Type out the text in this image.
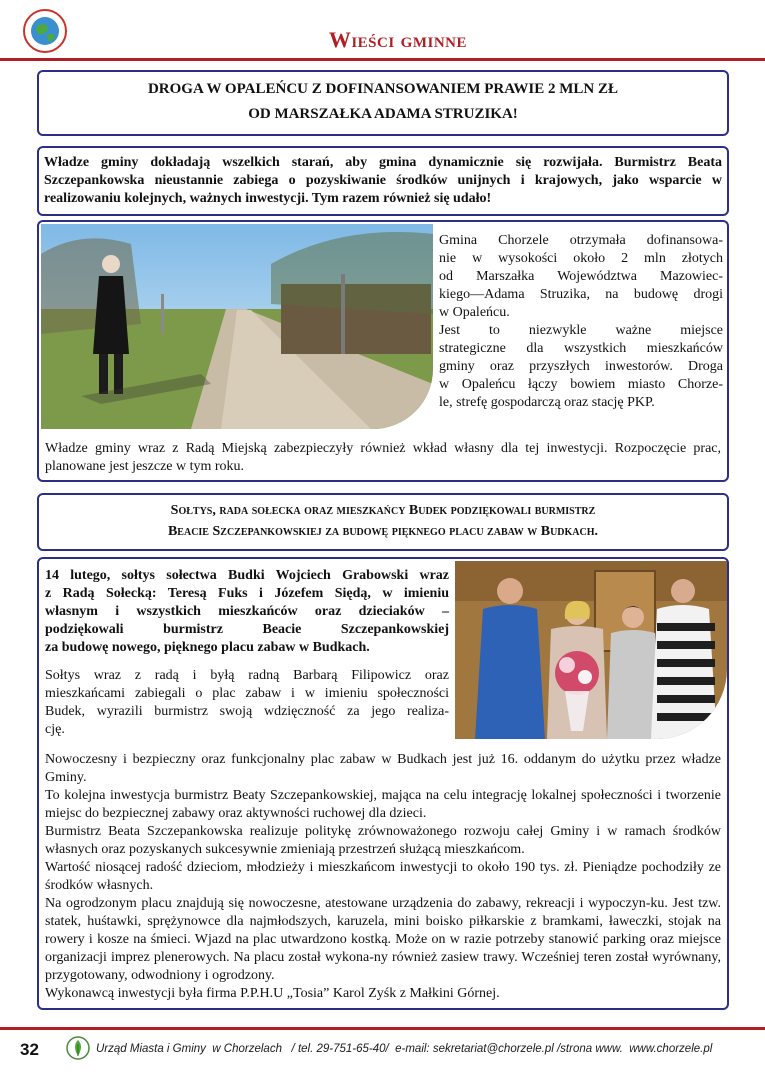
Wieści gminne
DROGA W OPALEŃCU Z DOFINANSOWANIEM PRAWIE 2 MLN ZŁ
OD MARSZAŁKA ADAMA STRUZIKA!

Władze gminy dokładają wszelkich starań, aby gmina dynamicznie się rozwijała. Burmistrz Beata Szczepankowska nieustannie zabiega o pozyskiwanie środków unijnych i krajowych, jako wsparcie w realizowaniu kolejnych, ważnych inwestycji. Tym razem również się udało!

Gmina Chorzele otrzymała dofinansowa-

nie w wysokości około 2 mln złotych

od Marszałka Województwa Mazowiec-

kiego—Adama Struzika, na budowę drogi

w Opaleńcu.

Jest to niezwykle ważne miejsce

strategiczne dla wszystkich mieszkańców

gminy oraz przyszłych inwestorów. Droga

w Opaleńcu łączy bowiem miasto Chorze-

le, strefę gospodarczą oraz stację PKP.

Władze gminy wraz z Radą Miejską zabezpieczyły również wkład własny dla tej inwestycji. Rozpoczęcie prac, planowane jest jeszcze w tym roku.

Sołtys, rada sołecka oraz mieszkańcy Budek podziękowali burmistrz
Beacie Szczepankowskiej za budowę pięknego placu zabaw w Budkach.

14 lutego, sołtys sołectwa Budki Wojciech Grabowski wraz

z Radą Sołecką: Teresą Fuks i Józefem Siędą, w imieniu

własnym i wszystkich mieszkańców oraz dzieciaków –

podziękowali burmistrz Beacie Szczepankowskiej

za budowę nowego, pięknego placu zabaw w Budkach.

Sołtys wraz z radą i byłą radną Barbarą Filipowicz oraz

mieszkańcami zabiegali o plac zabaw i w imieniu społeczności

Budek, wyrazili burmistrz swoją wdzięczność za jego realiza-

cję.

Nowoczesny i bezpieczny oraz funkcjonalny plac zabaw w Budkach jest już 16. oddanym do użytku przez władze Gminy.

To kolejna inwestycja burmistrz Beaty Szczepankowskiej, mająca na celu integrację lokalnej społeczności i tworzenie miejsc do bezpiecznej zabawy oraz aktywności ruchowej dla dzieci.

Burmistrz Beata Szczepankowska realizuje politykę zrównoważonego rozwoju całej Gminy i w ramach środków własnych oraz pozyskanych sukcesywnie zmieniają przestrzeń służącą mieszkańcom.

Wartość niosącej radość dzieciom, młodzieży i mieszkańcom inwestycji to około 190 tys. zł. Pieniądze pochodziły ze środków własnych.

Na ogrodzonym placu znajdują się nowoczesne, atestowane urządzenia do zabawy, rekreacji i wypoczyn-ku. Jest tzw. statek, huśtawki, sprężynowce dla najmłodszych, karuzela, mini boisko piłkarskie z bramkami, ławeczki, stojak na rowery i kosze na śmieci. Wjazd na plac utwardzono kostką. Może on w razie potrzeby stanowić parking oraz miejsce organizacji imprez plenerowych. Na placu został wykona-ny również zasiew trawy. Wcześniej teren został wyrównany, przygotowany, odwodniony i ogrodzony.

Wykonawcą inwestycji była firma P.P.H.U „Tosia” Karol Zyśk z Małkini Górnej.

32	Urząd Miasta i Gminy  w Chorzelach   / tel. 29-751-65-40/  e-mail: sekretariat@chorzele.pl /strona www.  www.chorzele.pl
